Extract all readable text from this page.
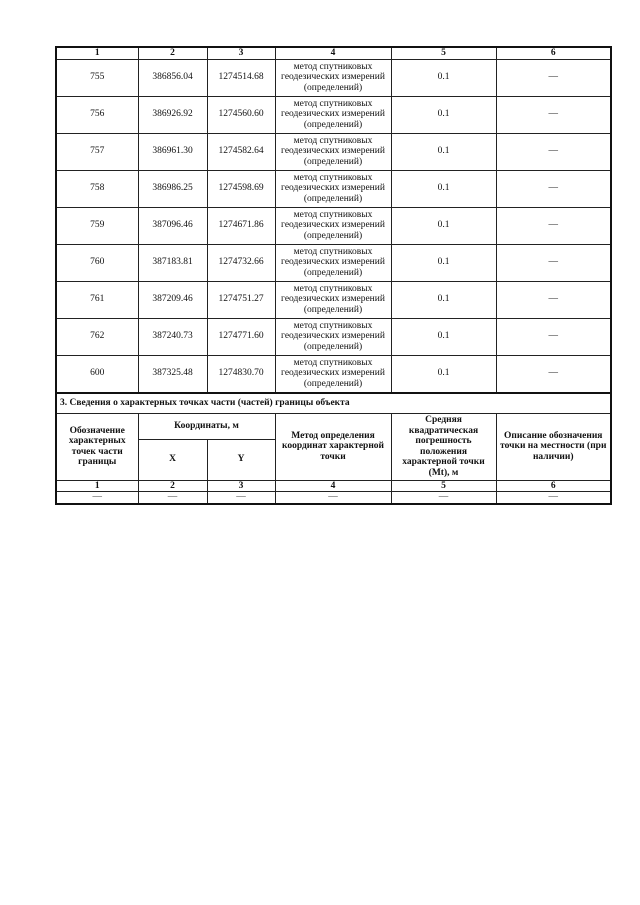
1	2	3	4	5	6
755	386856.04	1274514.68	метод спутниковых
геодезических измерений
(определений)	0.1	—
756	386926.92	1274560.60	метод спутниковых
геодезических измерений
(определений)	0.1	—
757	386961.30	1274582.64	метод спутниковых
геодезических измерений
(определений)	0.1	—
758	386986.25	1274598.69	метод спутниковых
геодезических измерений
(определений)	0.1	—
759	387096.46	1274671.86	метод спутниковых
геодезических измерений
(определений)	0.1	—
760	387183.81	1274732.66	метод спутниковых
геодезических измерений
(определений)	0.1	—
761	387209.46	1274751.27	метод спутниковых
геодезических измерений
(определений)	0.1	—
762	387240.73	1274771.60	метод спутниковых
геодезических измерений
(определений)	0.1	—
600	387325.48	1274830.70	метод спутниковых
геодезических измерений
(определений)	0.1	—
3. Сведения о характерных точках части (частей) границы объекта					
Обозначение характерных точек части границы	Координаты, м		Метод определения координат характерной точки	Средняя квадратическая погрешность положения характерной точки (Mt), м	Описание обозначения точки на местности (при наличии)
	X	Y			
1	2	3	4	5	6
—	—	—	—	—	—
